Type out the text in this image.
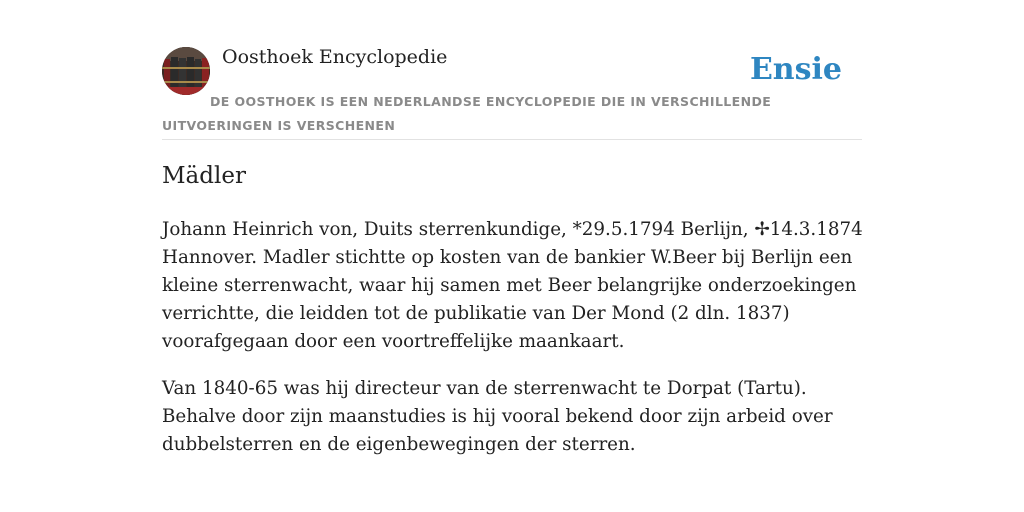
Oosthoek Encyclopedie	Ensie
DE OOSTHOEK IS EEN NEDERLANDSE ENCYCLOPEDIE DIE IN VERSCHILLENDE UITVOERINGEN IS VERSCHENEN
Mädler

Johann Heinrich von, Duits sterrenkundige, *29.5.1794 Berlijn, ✢14.3.1874 Hannover. Madler stichtte op kosten van de bankier W.Beer bij Berlijn een kleine sterrenwacht, waar hij samen met Beer belangrijke onderzoekingen verrichtte, die leidden tot de publikatie van Der Mond (2 dln. 1837) voorafgegaan door een voortreffelijke maankaart.

Van 1840-65 was hij directeur van de sterrenwacht te Dorpat (Tartu). Behalve door zijn maanstudies is hij vooral bekend door zijn arbeid over dubbelsterren en de eigenbewegingen der sterren.
